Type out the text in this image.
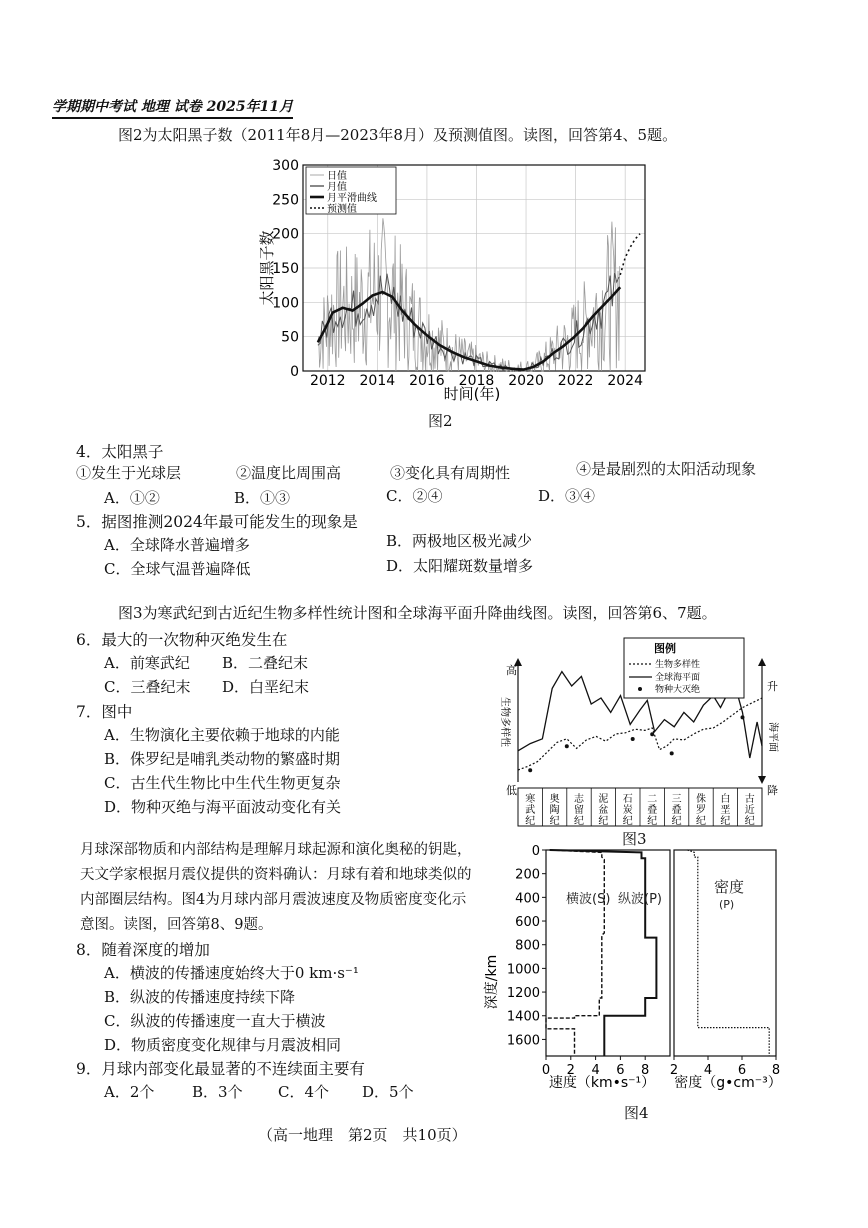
学期期中考试 地理 试卷 2025年11月
图2为太阳黑子数（2011年8月—2023年8月）及预测值图。读图，回答第4、5题。
0
50
100
150
200
250
300
2012 2014 2016 2018 2020 2022 2024
太阳黑子数
时间(年)
日值
月值
月平滑曲线
预测值
图2
4．太阳黑子
①发生于光球层	②温度比周围高	③变化具有周期性	④是最剧烈的太阳活动现象
A．①②	B．①③	C．②④	D．③④
5．据图推测2024年最可能发生的现象是
A．全球降水普遍增多	B．两极地区极光减少
C．全球气温普遍降低	D．太阳耀斑数量增多
图3为寒武纪到古近纪生物多样性统计图和全球海平面升降曲线图。读图，回答第6、7题。
6．最大的一次物种灭绝发生在
A．前寒武纪 B．二叠纪末
C．三叠纪末 D．白垩纪末
7．图中
A．生物演化主要依赖于地球的内能
B．侏罗纪是哺乳类动物的繁盛时期
C．古生代生物比中生代生物更复杂
D．物种灭绝与海平面波动变化有关
高
低
升
降
生物多样性	海平面
寒武纪
奥陶纪
志留纪
泥盆纪
石炭纪
二叠纪
三叠纪
侏罗纪
白垩纪
古近纪
图例
生物多样性
全球海平面
物种大灭绝
图3
月球深部物质和内部结构是理解月球起源和演化奥秘的钥匙，天文学家根据月震仪提供的资料确认：月球有着和地球类似的内部圈层结构。图4为月球内部月震波速度及物质密度变化示意图。读图，回答第8、9题。
8．随着深度的增加
A．横波的传播速度始终大于0 km·s⁻¹
B．纵波的传播速度持续下降
C．纵波的传播速度一直大于横波
D．物质密度变化规律与月震波相同
9．月球内部变化最显著的不连续面主要有
A．2个	B．3个 C．4个 D．5个
0
200
400
600
800
1000
1200
1400
1600
0 2 4 6 8 2 4 6 8
横波(S) 纵波(P)
密度
(P)
深度/km
速度（km•s⁻¹） 密度（g•cm⁻³）
图4
（高一地理　第2页　共10页）
